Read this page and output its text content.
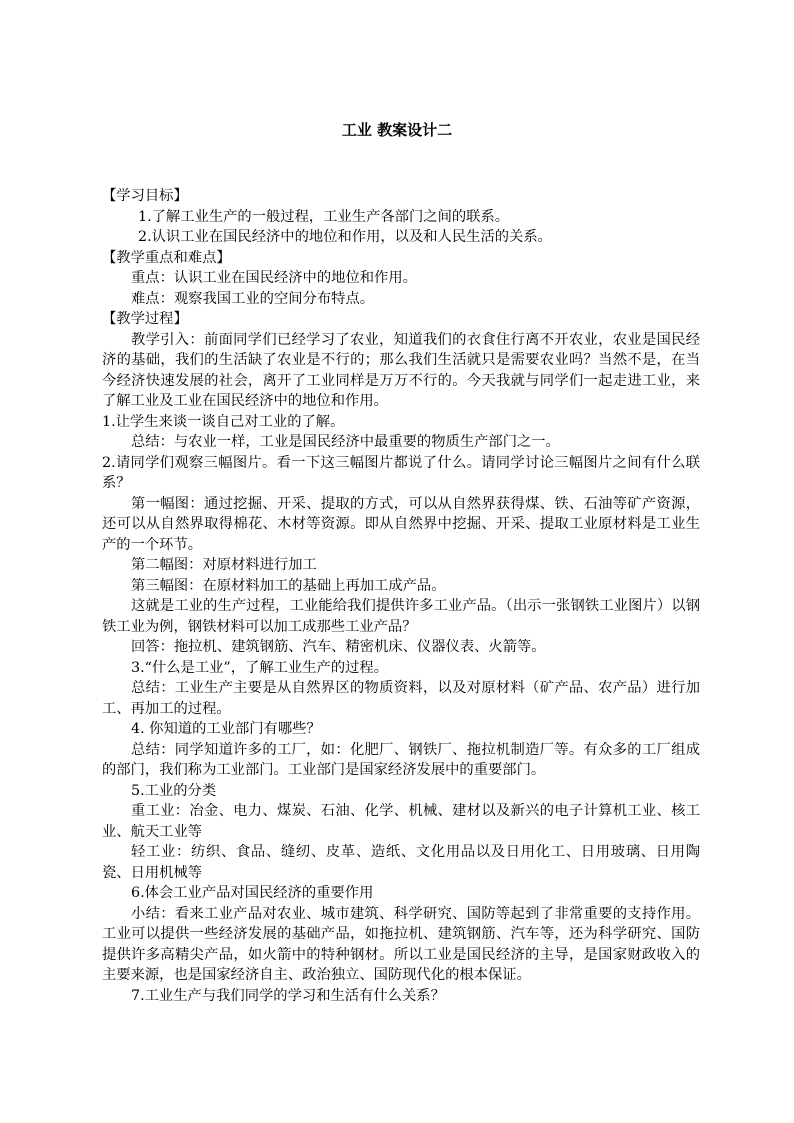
工业 教案设计二

【学习目标】

1.了解工业生产的一般过程，工业生产各部门之间的联系。

2.认识工业在国民经济中的地位和作用，以及和人民生活的关系。

【教学重点和难点】

重点：认识工业在国民经济中的地位和作用。

难点：观察我国工业的空间分布特点。

【教学过程】

教学引入：前面同学们已经学习了农业，知道我们的衣食住行离不开农业，农业是国民经济的基础，我们的生活缺了农业是不行的；那么我们生活就只是需要农业吗？当然不是，在当今经济快速发展的社会，离开了工业同样是万万不行的。今天我就与同学们一起走进工业，来了解工业及工业在国民经济中的地位和作用。

1.让学生来谈一谈自己对工业的了解。

总结：与农业一样，工业是国民经济中最重要的物质生产部门之一。

2.请同学们观察三幅图片。看一下这三幅图片都说了什么。请同学讨论三幅图片之间有什么联系？

第一幅图：通过挖掘、开采、提取的方式，可以从自然界获得煤、铁、石油等矿产资源，还可以从自然界取得棉花、木材等资源。即从自然界中挖掘、开采、提取工业原材料是工业生产的一个环节。

第二幅图：对原材料进行加工

第三幅图：在原材料加工的基础上再加工成产品。

这就是工业的生产过程，工业能给我们提供许多工业产品。（出示一张钢铁工业图片）以钢铁工业为例，钢铁材料可以加工成那些工业产品？

回答：拖拉机、建筑钢筋、汽车、精密机床、仪器仪表、火箭等。

3.“什么是工业”，了解工业生产的过程。

总结：工业生产主要是从自然界区的物质资料，以及对原材料（矿产品、农产品）进行加工、再加工的过程。

4. 你知道的工业部门有哪些？

总结：同学知道许多的工厂，如：化肥厂、钢铁厂、拖拉机制造厂等。有众多的工厂组成的部门，我们称为工业部门。工业部门是国家经济发展中的重要部门。

5.工业的分类

重工业：冶金、电力、煤炭、石油、化学、机械、建材以及新兴的电子计算机工业、核工业、航天工业等

轻工业：纺织、食品、缝纫、皮革、造纸、文化用品以及日用化工、日用玻璃、日用陶瓷、日用机械等

6.体会工业产品对国民经济的重要作用

小结：看来工业产品对农业、城市建筑、科学研究、国防等起到了非常重要的支持作用。工业可以提供一些经济发展的基础产品，如拖拉机、建筑钢筋、汽车等，还为科学研究、国防提供许多高精尖产品，如火箭中的特种钢材。所以工业是国民经济的主导，是国家财政收入的主要来源，也是国家经济自主、政治独立、国防现代化的根本保证。

7.工业生产与我们同学的学习和生活有什么关系？
